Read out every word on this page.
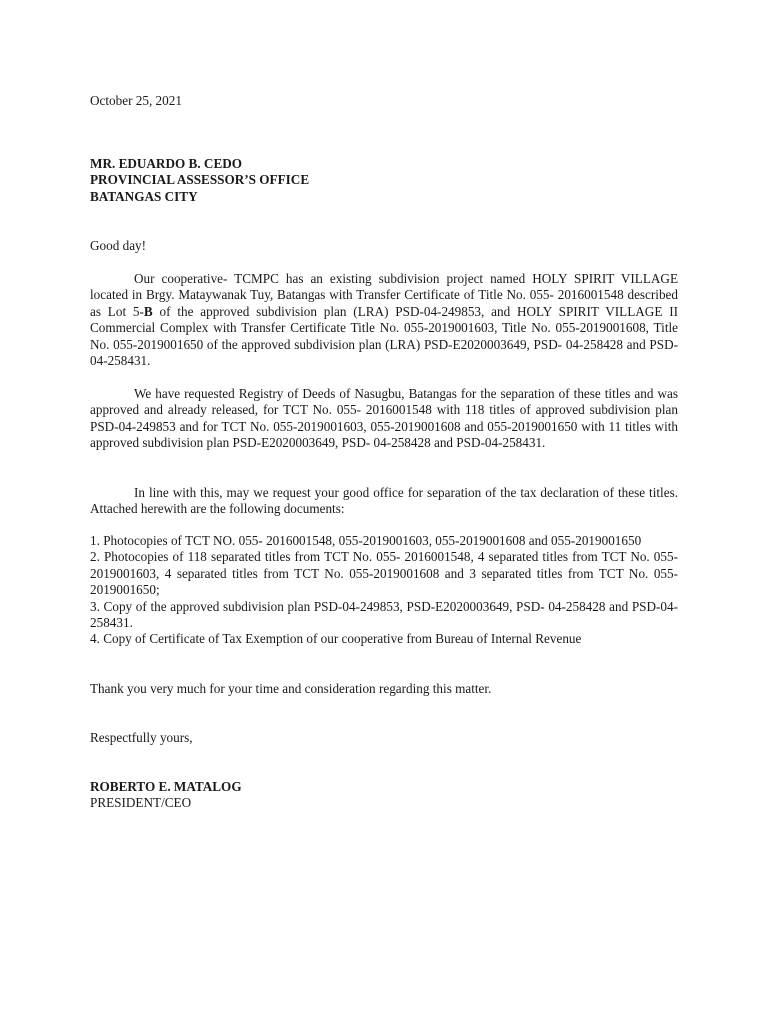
October 25, 2021

MR. EDUARDO B. CEDO
PROVINCIAL ASSESSOR’S OFFICE
BATANGAS CITY

Good day!

Our cooperative- TCMPC has an existing subdivision project named HOLY SPIRIT VILLAGE located in Brgy. Mataywanak Tuy, Batangas with Transfer Certificate of Title No. 055- 2016001548 described as Lot 5-B of the approved subdivision plan (LRA) PSD-04-249853, and HOLY SPIRIT VILLAGE II Commercial Complex with Transfer Certificate Title No. 055-2019001603, Title No. 055-2019001608, Title No. 055-2019001650 of the approved subdivision plan (LRA) PSD-E2020003649, PSD- 04-258428 and PSD-04-258431.

We have requested Registry of Deeds of Nasugbu, Batangas for the separation of these titles and was approved and already released, for TCT No. 055- 2016001548 with 118 titles of approved subdivision plan PSD-04-249853 and for TCT No. 055-2019001603, 055-2019001608 and 055-2019001650 with 11 titles with approved subdivision plan PSD-E2020003649, PSD- 04-258428 and PSD-04-258431.

In line with this, may we request your good office for separation of the tax declaration of these titles. Attached herewith are the following documents:

1. Photocopies of TCT NO. 055- 2016001548, 055-2019001603, 055-2019001608 and 055-2019001650
2. Photocopies of 118 separated titles from TCT No. 055- 2016001548, 4 separated titles from TCT No. 055-2019001603, 4 separated titles from TCT No. 055-2019001608 and 3 separated titles from TCT No. 055-2019001650;
3. Copy of the approved subdivision plan PSD-04-249853, PSD-E2020003649, PSD- 04-258428 and PSD-04-258431.
4. Copy of Certificate of Tax Exemption of our cooperative from Bureau of Internal Revenue

Thank you very much for your time and consideration regarding this matter.

Respectfully yours,

ROBERTO E. MATALOG
PRESIDENT/CEO
